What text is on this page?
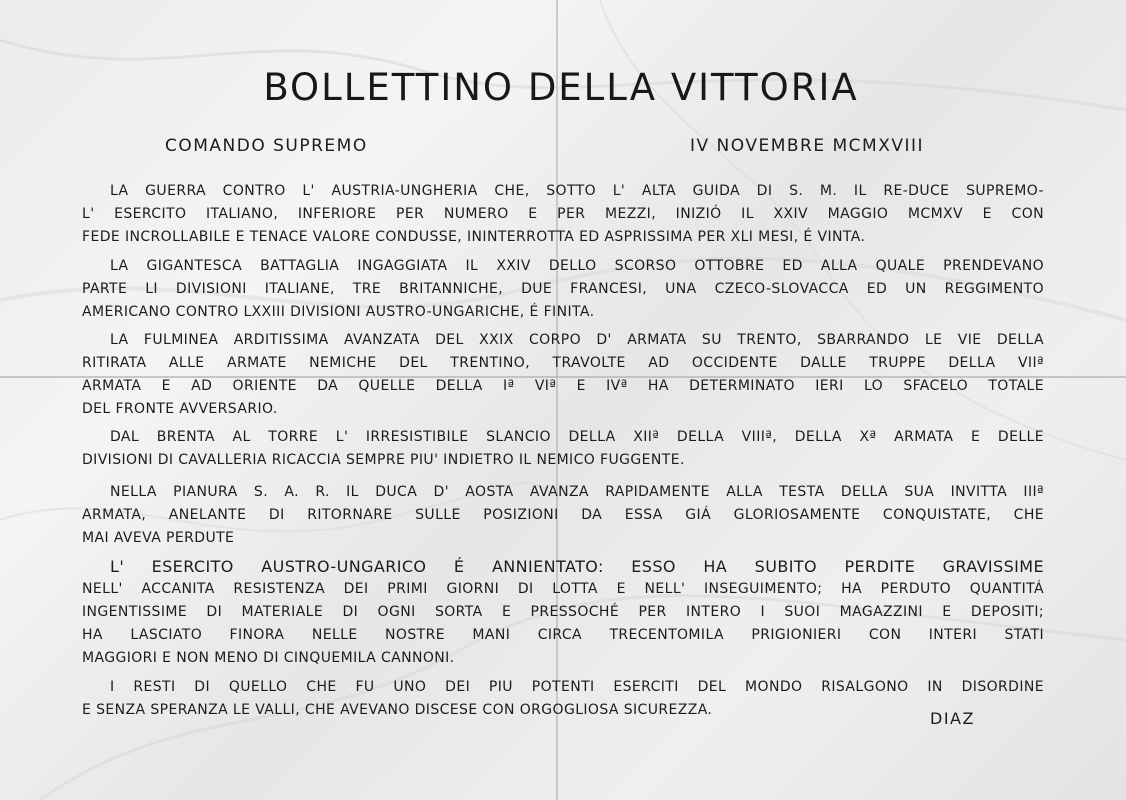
BOLLETTINO DELLA VITTORIA

COMANDO SUPREMO	IV NOVEMBRE MCMXVIII

LA GUERRA CONTRO L' AUSTRIA-UNGHERIA CHE, SOTTO L' ALTA GUIDA DI S. M. IL RE-DUCE SUPREMO-
L' ESERCITO ITALIANO, INFERIORE PER NUMERO E PER MEZZI, INIZIÓ IL XXIV MAGGIO MCMXV E CON
FEDE INCROLLABILE E TENACE VALORE CONDUSSE, ININTERROTTA ED ASPRISSIMA PER XLI MESI, É VINTA.
LA GIGANTESCA BATTAGLIA INGAGGIATA IL XXIV DELLO SCORSO OTTOBRE ED ALLA QUALE PRENDEVANO
PARTE LI DIVISIONI ITALIANE, TRE BRITANNICHE, DUE FRANCESI, UNA CZECO-SLOVACCA ED UN REGGIMENTO
AMERICANO CONTRO LXXIII DIVISIONI AUSTRO-UNGARICHE, É FINITA.
LA FULMINEA ARDITISSIMA AVANZATA DEL XXIX CORPO D' ARMATA SU TRENTO, SBARRANDO LE VIE DELLA
RITIRATA ALLE ARMATE NEMICHE DEL TRENTINO, TRAVOLTE AD OCCIDENTE DALLE TRUPPE DELLA VIIª
ARMATA E AD ORIENTE DA QUELLE DELLA Iª VIª E IVª HA DETERMINATO IERI LO SFACELO TOTALE
DEL FRONTE AVVERSARIO.
DAL BRENTA AL TORRE L' IRRESISTIBILE SLANCIO DELLA XIIª DELLA VIIIª, DELLA Xª ARMATA E DELLE
DIVISIONI DI CAVALLERIA RICACCIA SEMPRE PIU' INDIETRO IL NEMICO FUGGENTE.
NELLA PIANURA S. A. R. IL DUCA D' AOSTA AVANZA RAPIDAMENTE ALLA TESTA DELLA SUA INVITTA IIIª
ARMATA, ANELANTE DI RITORNARE SULLE POSIZIONI DA ESSA GIÁ GLORIOSAMENTE CONQUISTATE, CHE
MAI AVEVA PERDUTE
L' ESERCITO AUSTRO-UNGARICO É ANNIENTATO: ESSO HA SUBITO PERDITE GRAVISSIME
NELL' ACCANITA RESISTENZA DEI PRIMI GIORNI DI LOTTA E NELL' INSEGUIMENTO; HA PERDUTO QUANTITÁ
INGENTISSIME DI MATERIALE DI OGNI SORTA E PRESSOCHÉ PER INTERO I SUOI MAGAZZINI E DEPOSITI;
HA LASCIATO FINORA NELLE NOSTRE MANI CIRCA TRECENTOMILA PRIGIONIERI CON INTERI STATI
MAGGIORI E NON MENO DI CINQUEMILA CANNONI.
I RESTI DI QUELLO CHE FU UNO DEI PIU POTENTI ESERCITI DEL MONDO RISALGONO IN DISORDINE
E SENZA SPERANZA LE VALLI, CHE AVEVANO DISCESE CON ORGOGLIOSA SICUREZZA.	DIAZ
